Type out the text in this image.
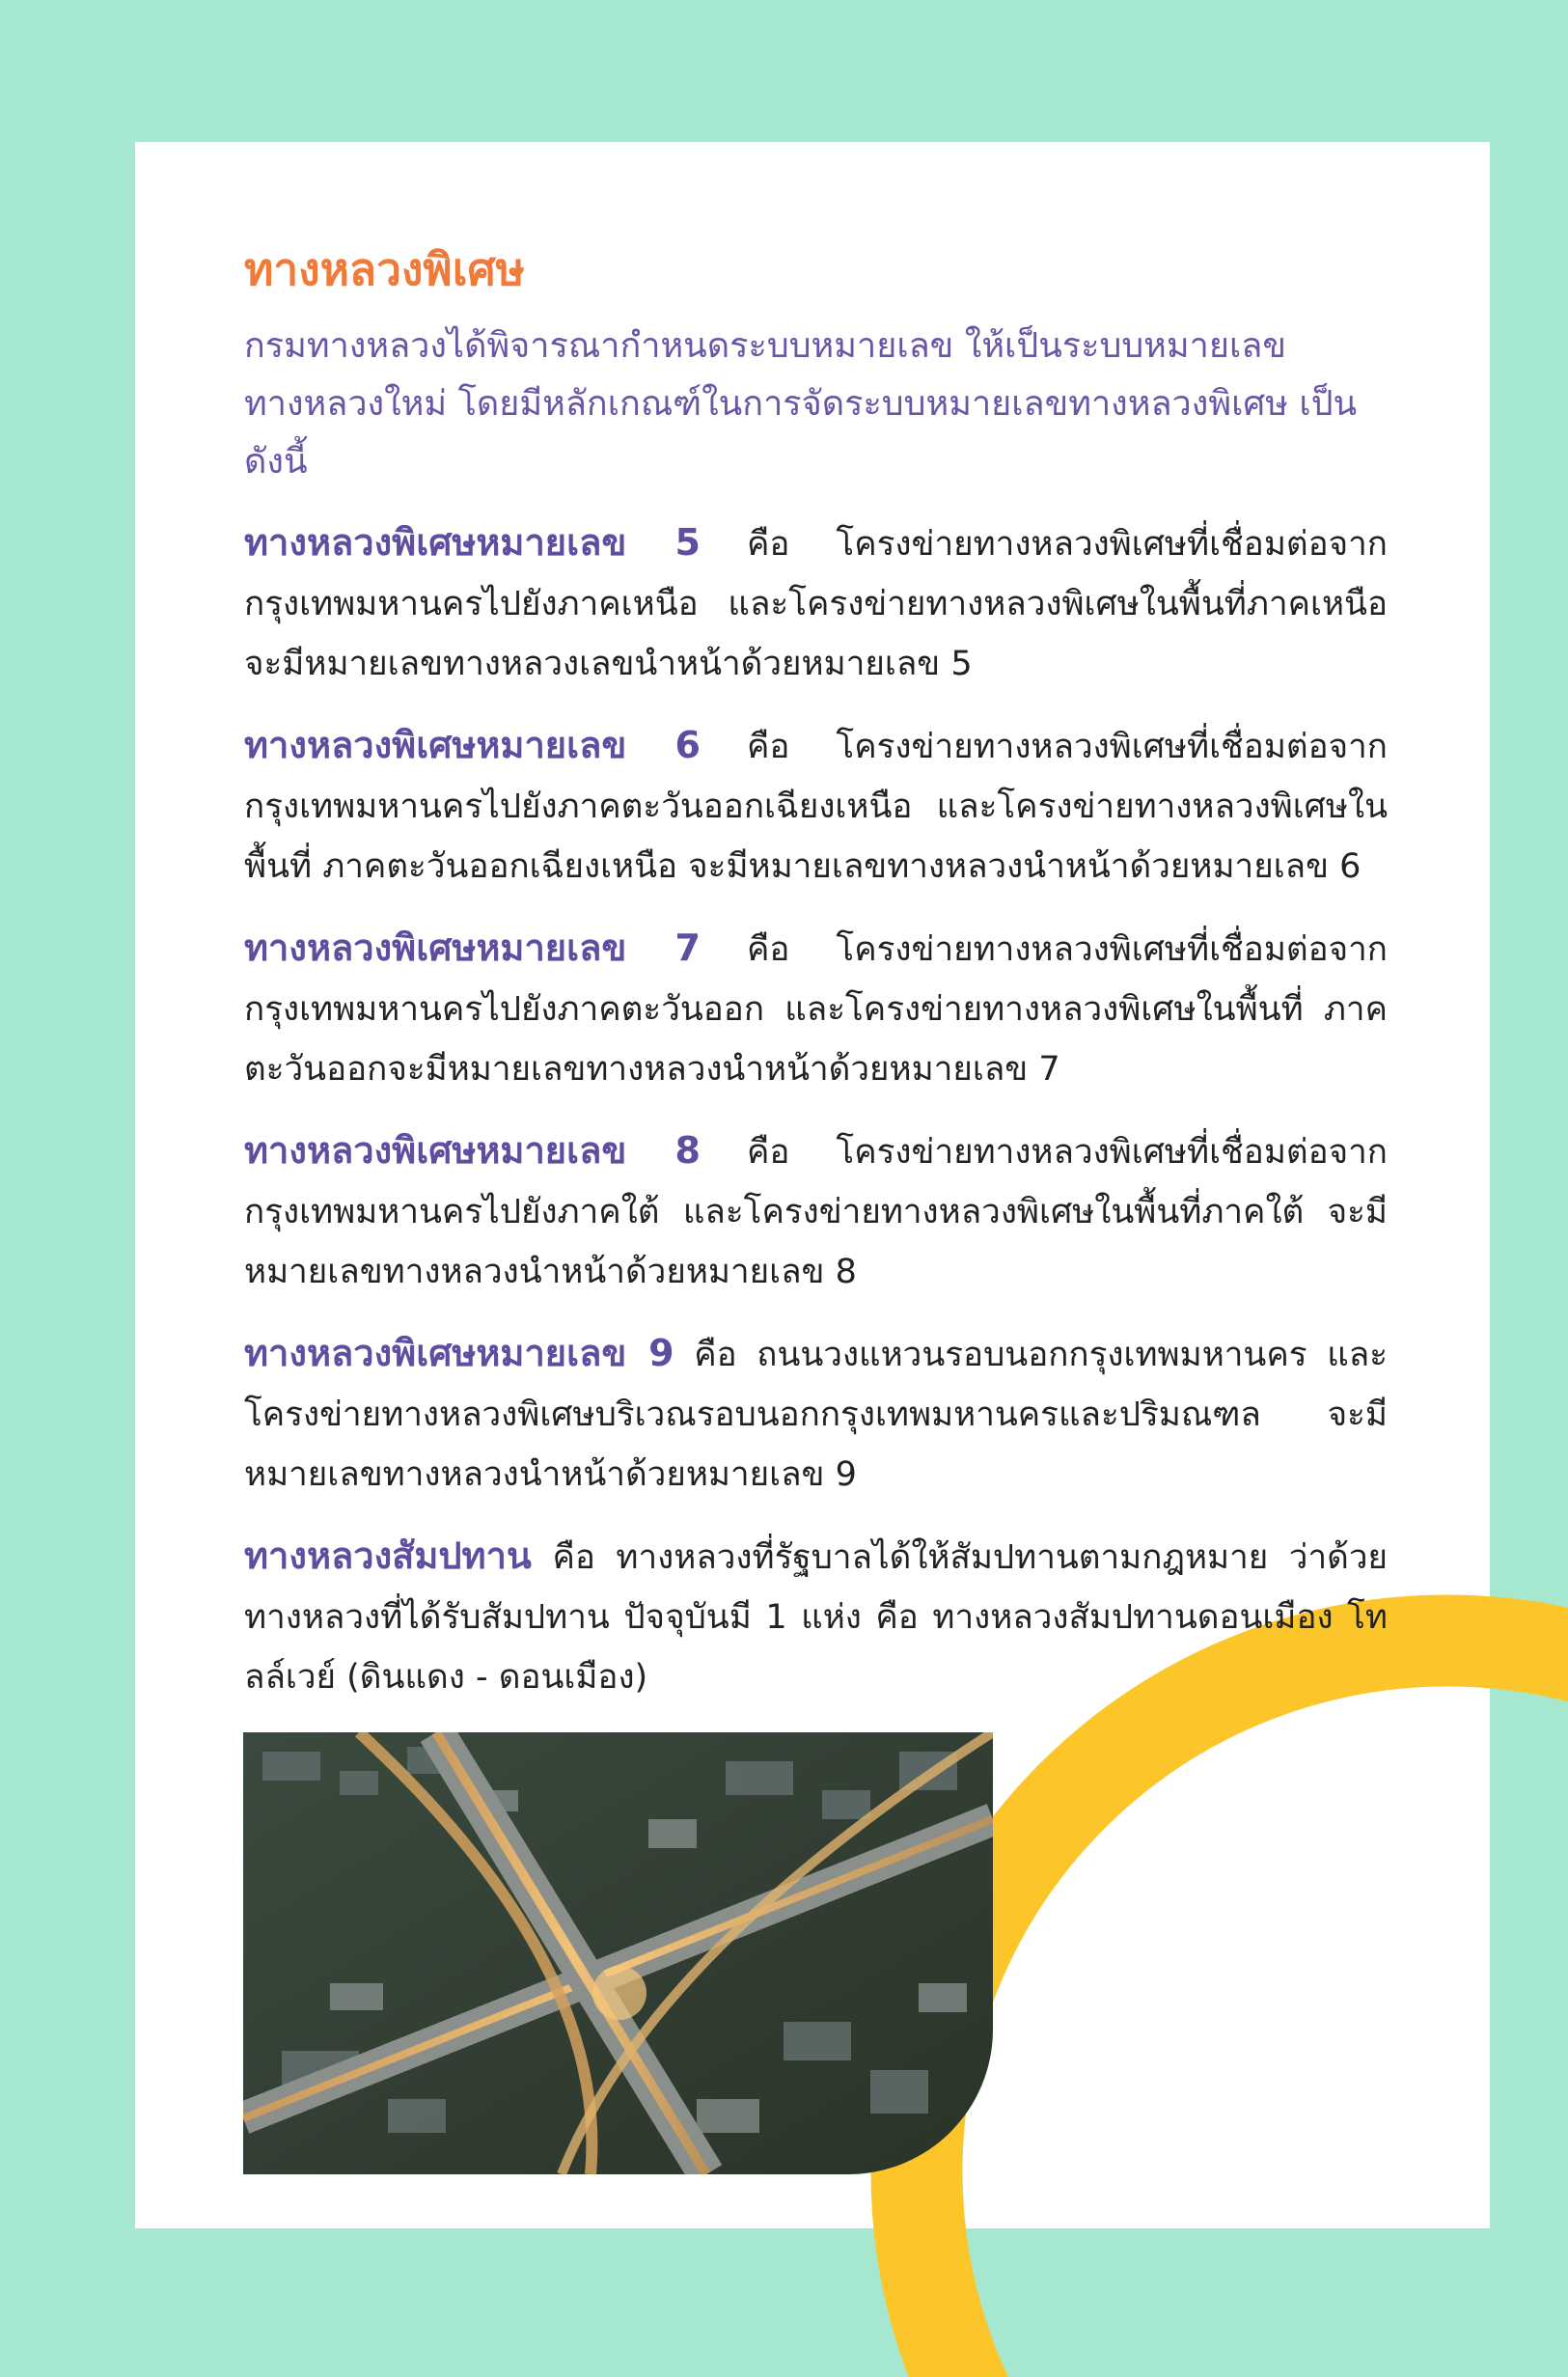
ทางหลวงพิเศษ

กรมทางหลวงได้พิจารณากำหนดระบบหมายเลข ให้เป็นระบบหมายเลขทางหลวงใหม่ โดยมีหลักเกณฑ์ในการจัดระบบหมายเลขทางหลวงพิเศษ เป็นดังนี้

ทางหลวงพิเศษหมายเลข 5 คือ โครงข่ายทางหลวงพิเศษที่เชื่อมต่อจาก กรุงเทพมหานครไปยังภาคเหนือ และโครงข่ายทางหลวงพิเศษในพื้นที่ภาคเหนือ จะมีหมายเลขทางหลวงเลขนำหน้าด้วยหมายเลข 5

ทางหลวงพิเศษหมายเลข 6 คือ โครงข่ายทางหลวงพิเศษที่เชื่อมต่อจาก กรุงเทพมหานครไปยังภาคตะวันออกเฉียงเหนือ และโครงข่ายทางหลวงพิเศษในพื้นที่ ภาคตะวันออกเฉียงเหนือ จะมีหมายเลขทางหลวงนำหน้าด้วยหมายเลข 6

ทางหลวงพิเศษหมายเลข 7 คือ โครงข่ายทางหลวงพิเศษที่เชื่อมต่อจาก กรุงเทพมหานครไปยังภาคตะวันออก และโครงข่ายทางหลวงพิเศษในพื้นที่ ภาคตะวันออกจะมีหมายเลขทางหลวงนำหน้าด้วยหมายเลข 7

ทางหลวงพิเศษหมายเลข 8 คือ โครงข่ายทางหลวงพิเศษที่เชื่อมต่อจาก กรุงเทพมหานครไปยังภาคใต้ และโครงข่ายทางหลวงพิเศษในพื้นที่ภาคใต้ จะมีหมายเลขทางหลวงนำหน้าด้วยหมายเลข 8

ทางหลวงพิเศษหมายเลข 9 คือ ถนนวงแหวนรอบนอกกรุงเทพมหานคร และโครงข่ายทางหลวงพิเศษบริเวณรอบนอกกรุงเทพมหานครและปริมณฑล จะมีหมายเลขทางหลวงนำหน้าด้วยหมายเลข 9

ทางหลวงสัมปทาน คือ ทางหลวงที่รัฐบาลได้ให้สัมปทานตามกฎหมาย ว่าด้วยทางหลวงที่ได้รับสัมปทาน ปัจจุบันมี 1 แห่ง คือ ทางหลวงสัมปทานดอนเมือง โทลล์เวย์ (ดินแดง - ดอนเมือง)
